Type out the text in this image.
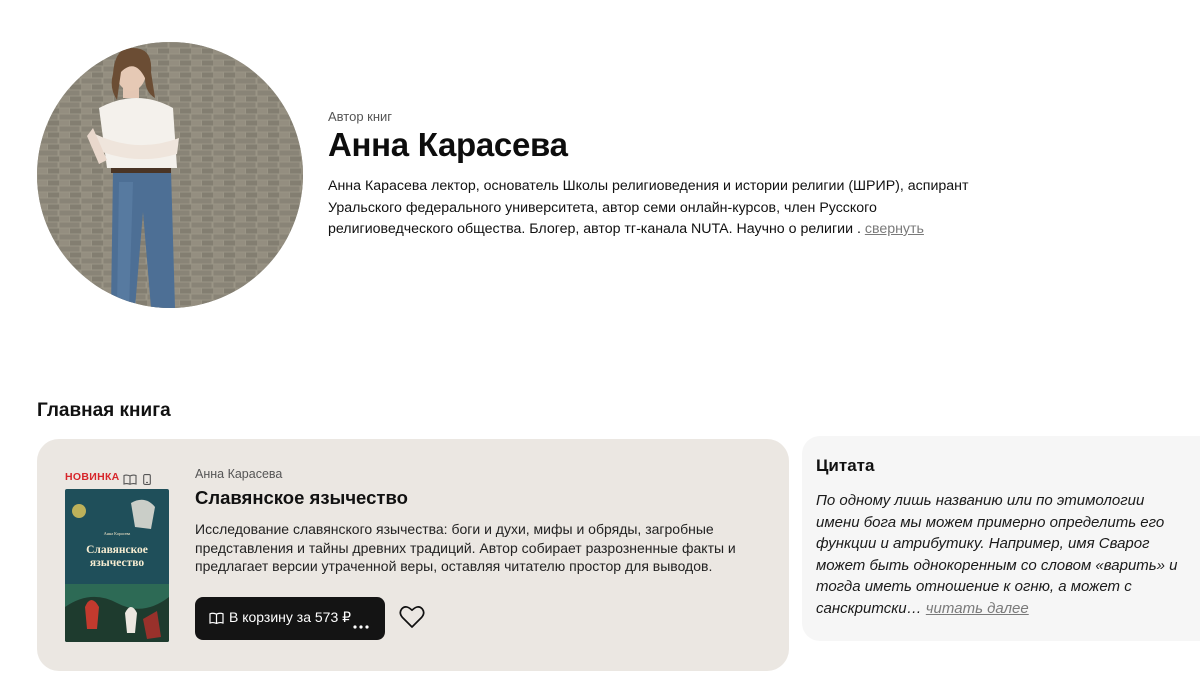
Автор книг

Анна Карасева

Анна Карасева лектор, основатель Школы религиоведения и истории религии (ШРИР), аспирант Уральского федерального университета, автор семи онлайн-курсов, член Русского религиоведческого общества. Блогер, автор тг-канала NUTA. Научно о религии . свернуть

Главная книга
НОВИНКА
Анна Карасева
Славянское
язычество
Анна Карасева
Славянское язычество

Исследование славянского язычества: боги и духи, мифы и обряды, загробные представления и тайны древних традиций. Автор собирает разрозненные факты и предлагает версии утраченной веры, оставляя читателю простор для выводов.

В корзину за 573 ₽
Цитата

По одному лишь названию или по этимологии имени бога мы можем примерно определить его функции и атрибутику. Например, имя Сварог может быть однокоренным со словом «варить» и тогда иметь отношение к огню, а может с санскритски… читать далее
